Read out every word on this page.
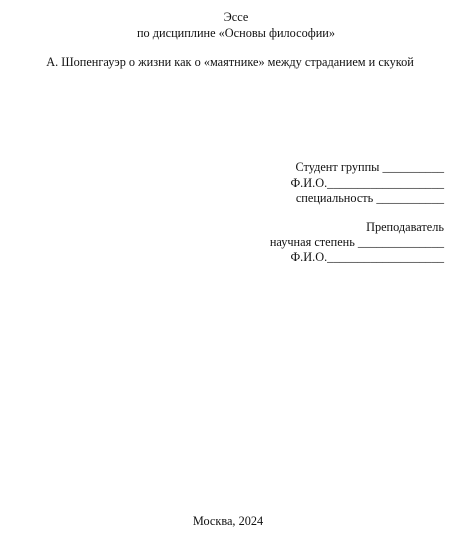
Эссе
по дисциплине «Основы философии»
А. Шопенгауэр о жизни как о «маятнике» между страданием и скукой
Студент группы __________
Ф.И.О.___________________
специальность ___________
Преподаватель
научная степень ______________
Ф.И.О.___________________
Москва, 2024
